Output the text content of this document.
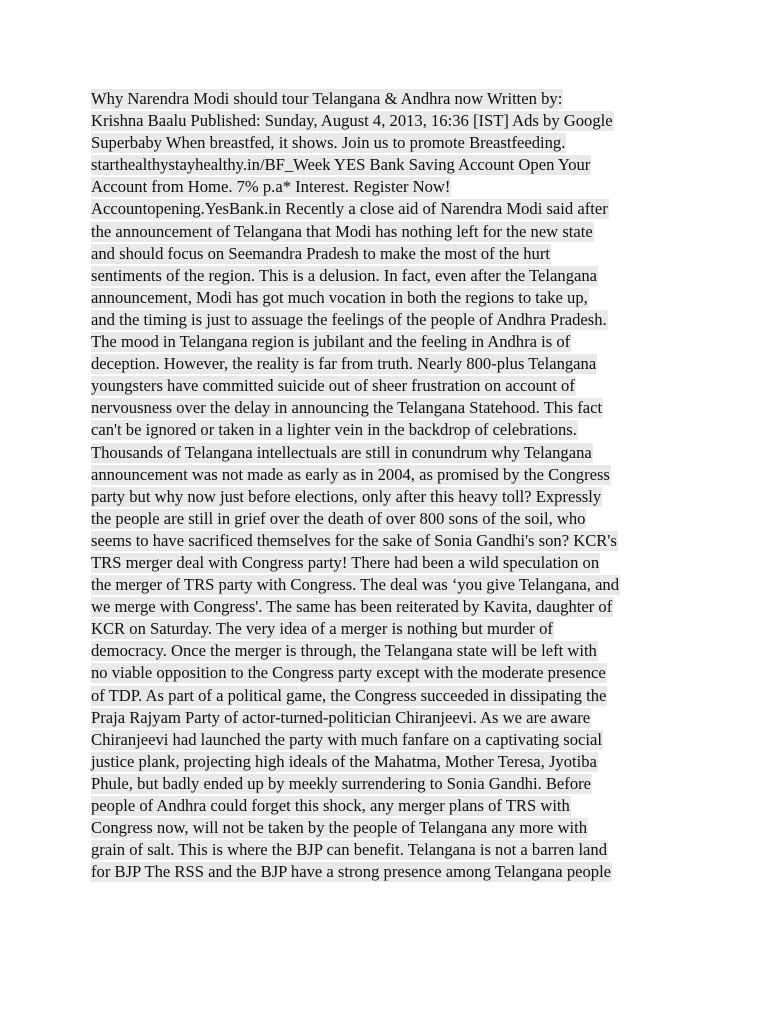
Why Narendra Modi should tour Telangana & Andhra now Written by:
Krishna Baalu Published: Sunday, August 4, 2013, 16:36 [IST] Ads by Google
Superbaby When breastfed, it shows. Join us to promote Breastfeeding.
starthealthystayhealthy.in/BF_Week YES Bank Saving Account Open Your
Account from Home. 7% p.a* Interest. Register Now!
Accountopening.YesBank.in Recently a close aid of Narendra Modi said after
the announcement of Telangana that Modi has nothing left for the new state
and should focus on Seemandra Pradesh to make the most of the hurt
sentiments of the region. This is a delusion. In fact, even after the Telangana
announcement, Modi has got much vocation in both the regions to take up,
and the timing is just to assuage the feelings of the people of Andhra Pradesh.
The mood in Telangana region is jubilant and the feeling in Andhra is of
deception. However, the reality is far from truth. Nearly 800-plus Telangana
youngsters have committed suicide out of sheer frustration on account of
nervousness over the delay in announcing the Telangana Statehood. This fact
can't be ignored or taken in a lighter vein in the backdrop of celebrations.
Thousands of Telangana intellectuals are still in conundrum why Telangana
announcement was not made as early as in 2004, as promised by the Congress
party but why now just before elections, only after this heavy toll? Expressly
the people are still in grief over the death of over 800 sons of the soil, who
seems to have sacrificed themselves for the sake of Sonia Gandhi's son? KCR's
TRS merger deal with Congress party! There had been a wild speculation on
the merger of TRS party with Congress. The deal was ‘you give Telangana, and
we merge with Congress'. The same has been reiterated by Kavita, daughter of
KCR on Saturday. The very idea of a merger is nothing but murder of
democracy. Once the merger is through, the Telangana state will be left with
no viable opposition to the Congress party except with the moderate presence
of TDP. As part of a political game, the Congress succeeded in dissipating the
Praja Rajyam Party of actor-turned-politician Chiranjeevi. As we are aware
Chiranjeevi had launched the party with much fanfare on a captivating social
justice plank, projecting high ideals of the Mahatma, Mother Teresa, Jyotiba
Phule, but badly ended up by meekly surrendering to Sonia Gandhi. Before
people of Andhra could forget this shock, any merger plans of TRS with
Congress now, will not be taken by the people of Telangana any more with
grain of salt. This is where the BJP can benefit. Telangana is not a barren land
for BJP The RSS and the BJP have a strong presence among Telangana people
